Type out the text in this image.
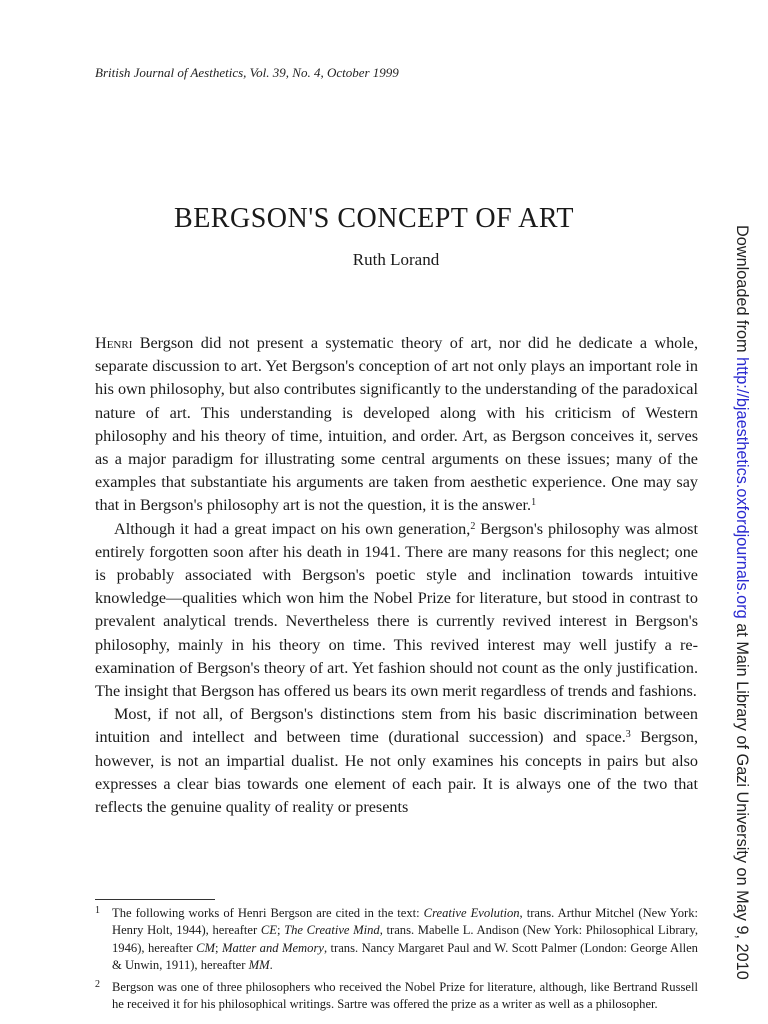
British Journal of Aesthetics, Vol. 39, No. 4, October 1999
BERGSON'S CONCEPT OF ART
Ruth Lorand

Henri Bergson did not present a systematic theory of art, nor did he dedicate a whole, separate discussion to art. Yet Bergson's conception of art not only plays an important role in his own philosophy, but also contributes significantly to the understanding of the paradoxical nature of art. This understanding is developed along with his criticism of Western philosophy and his theory of time, intuition, and order. Art, as Bergson conceives it, serves as a major paradigm for illustrating some central arguments on these issues; many of the examples that substantiate his arguments are taken from aesthetic experience. One may say that in Bergson's philosophy art is not the question, it is the answer.$^1$

Although it had a great impact on his own generation,$^2$ Bergson's philosophy was almost entirely forgotten soon after his death in 1941. There are many reasons for this neglect; one is probably associated with Bergson's poetic style and inclination towards intuitive knowledge—qualities which won him the Nobel Prize for literature, but stood in contrast to prevalent analytical trends. Nevertheless there is currently revived interest in Bergson's philosophy, mainly in his theory on time. This revived interest may well justify a re-examination of Bergson's theory of art. Yet fashion should not count as the only justification. The insight that Bergson has offered us bears its own merit regardless of trends and fashions.

Most, if not all, of Bergson's distinctions stem from his basic discrimination between intuition and intellect and between time (durational succession) and space.$^3$ Bergson, however, is not an impartial dualist. He not only examines his concepts in pairs but also expresses a clear bias towards one element of each pair. It is always one of the two that reflects the genuine quality of reality or presents

1 The following works of Henri Bergson are cited in the text: Creative Evolution, trans. Arthur Mitchel (New York: Henry Holt, 1944), hereafter CE; The Creative Mind, trans. Mabelle L. Andison (New York: Philosophical Library, 1946), hereafter CM; Matter and Memory, trans. Nancy Margaret Paul and W. Scott Palmer (London: George Allen & Unwin, 1911), hereafter MM.

2 Bergson was one of three philosophers who received the Nobel Prize for literature, although, like Bertrand Russell he received it for his philosophical writings. Sartre was offered the prize as a writer as well as a philosopher.

Downloaded from http://bjaesthetics.oxfordjournals.org at Main Library of Gazi University on May 9, 2010
